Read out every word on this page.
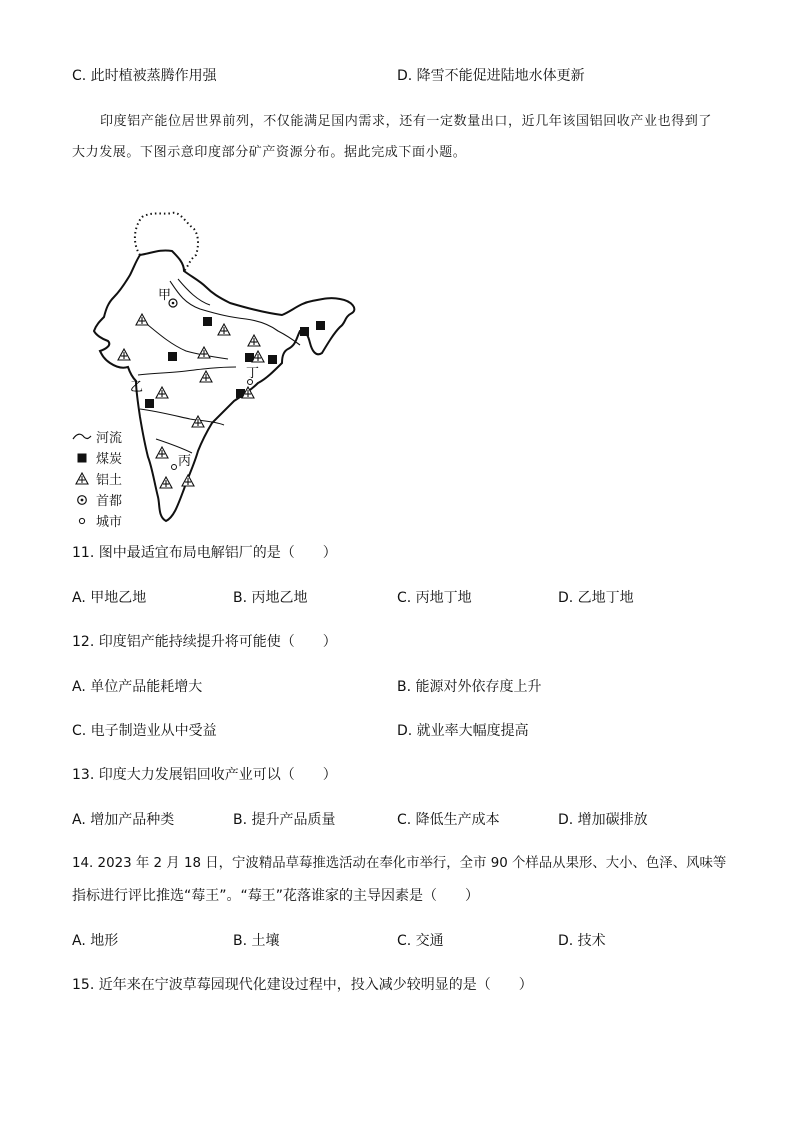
C. 此时植被蒸腾作用强	D. 降雪不能促进陆地水体更新

印度铝产能位居世界前列，不仅能满足国内需求，还有一定数量出口，近几年该国铝回收产业也得到了大力发展。下图示意印度部分矿产资源分布。据此完成下面小题。

甲
乙
丙
丁
河流
煤炭
铝土
首都
城市
11. 图中最适宜布局电解铝厂的是（　　）
A. 甲地乙地	B. 丙地乙地	C. 丙地丁地	D. 乙地丁地
12. 印度铝产能持续提升将可能使（　　）
A. 单位产品能耗增大	B. 能源对外依存度上升
C. 电子制造业从中受益	D. 就业率大幅度提高
13. 印度大力发展铝回收产业可以（　　）
A. 增加产品种类	B. 提升产品质量	C. 降低生产成本	D. 增加碳排放
14. 2023 年 2 月 18 日，宁波精品草莓推选活动在奉化市举行，全市 90 个样品从果形、大小、色泽、风味等
指标进行评比推选“莓王”。“莓王”花落谁家的主导因素是（　　）
A. 地形	B. 土壤	C. 交通	D. 技术
15. 近年来在宁波草莓园现代化建设过程中，投入减少较明显的是（　　）
